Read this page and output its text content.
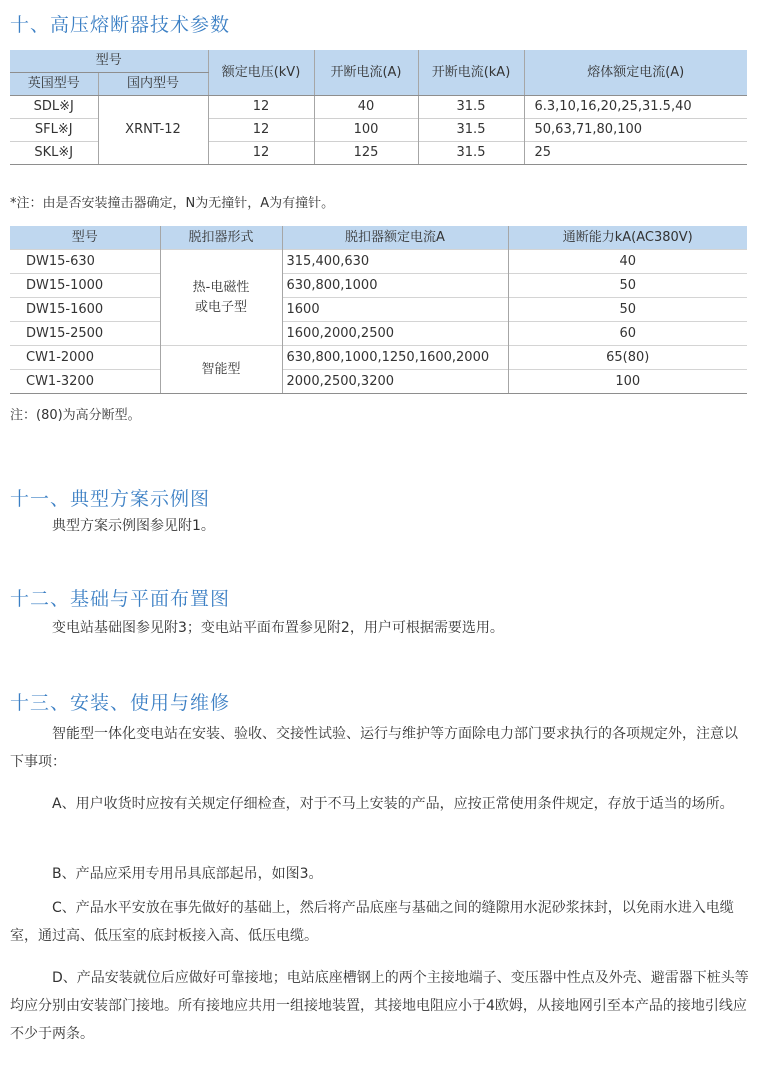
十、高压熔断器技术参数
型号		额定电压(kV)	开断电流(A)	开断电流(kA)	熔体额定电流(A)
英国型号	国内型号				
SDL※J	XRNT-12	12	40	31.5	6.3,10,16,20,25,31.5,40
SFL※J		12	100	31.5	50,63,71,80,100
SKL※J		12	125	31.5	25
*注：由是否安装撞击器确定，N为无撞针，A为有撞针。
型号	脱扣器形式	脱扣器额定电流A	通断能力kA(AC380V)
DW15-630	热-电磁性
或电子型	315,400,630	40
DW15-1000		630,800,1000	50
DW15-1600		1600	50
DW15-2500		1600,2000,2500	60
CW1-2000	智能型	630,800,1000,1250,1600,2000	65(80)
CW1-3200		2000,2500,3200	100
注：(80)为高分断型。
十一、典型方案示例图
典型方案示例图参见附1。
十二、基础与平面布置图
变电站基础图参见附3；变电站平面布置参见附2，用户可根据需要选用。
十三、安装、使用与维修
智能型一体化变电站在安装、验收、交接性试验、运行与维护等方面除电力部门要求执行的各项规定外，注意以下事项：
A、用户收货时应按有关规定仔细检查，对于不马上安装的产品，应按正常使用条件规定，存放于适当的场所。
B、产品应采用专用吊具底部起吊，如图3。
C、产品水平安放在事先做好的基础上，然后将产品底座与基础之间的缝隙用水泥砂浆抹封，以免雨水进入电缆室，通过高、低压室的底封板接入高、低压电缆。
D、产品安装就位后应做好可靠接地；电站底座槽钢上的两个主接地端子、变压器中性点及外壳、避雷器下桩头等均应分别由安装部门接地。所有接地应共用一组接地装置，其接地电阻应小于4欧姆，从接地网引至本产品的接地引线应不少于两条。
